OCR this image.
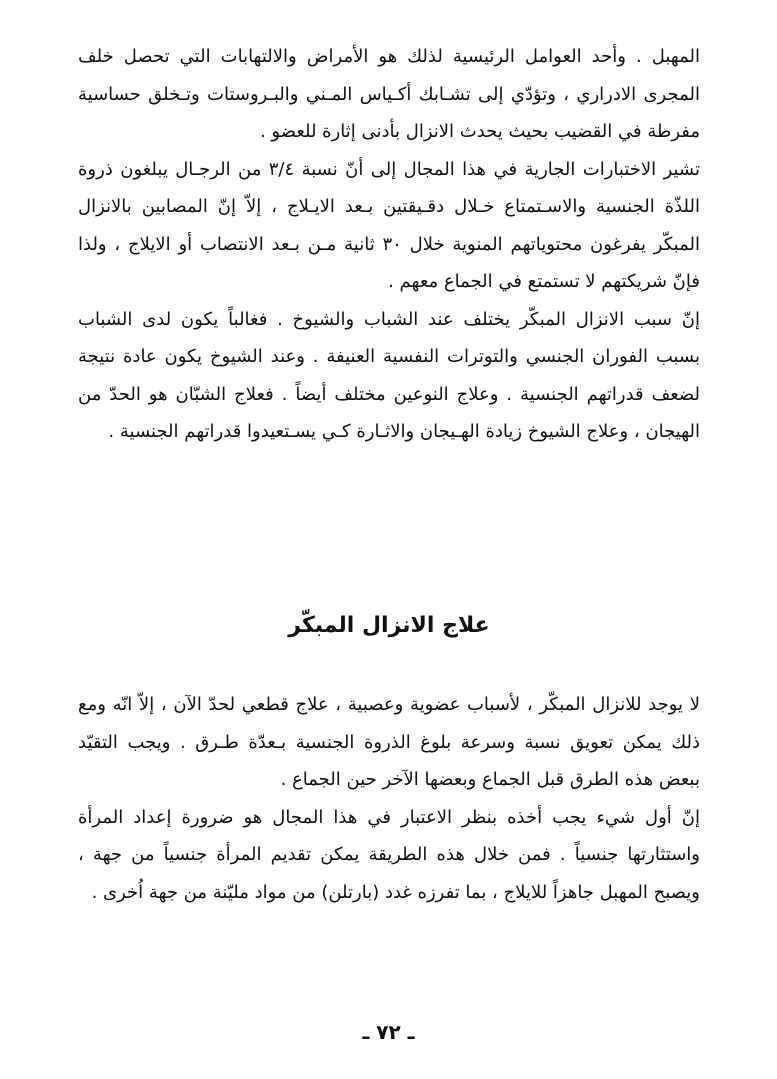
المهبل . وأحد العوامل الرئيسية لذلك هو الأمراض والالتهابات التي تحصل خلف المجرى الادراري ، وتؤدّي إلى تشـابك أكـياس المـني والبـروستات وتـخلق حساسية مفرطة في القضيب بحيث يحدث الانزال بأدنى إثارة للعضو .

تشير الاختبارات الجارية في هذا المجال إلى أنّ نسبة ٣/٤ من الرجـال يبلغون ذروة اللذّة الجنسية والاسـتمتاع خـلال دقـيقتين بـعد الايـلاج ، إلاّ إنّ المصابين بالانزال المبكّر يفرغون محتوياتهم المنوية خلال ٣٠ ثانية مـن بـعد الانتصاب أو الايلاج ، ولذا فإنّ شريكتهم لا تستمتع في الجماع معهم .

إنّ سبب الانزال المبكّر يختلف عند الشباب والشيوخ . فغالباً يكون لدى الشباب بسبب الفوران الجنسي والتوترات النفسية العنيفة . وعند الشيوخ يكون عادة نتيجة لضعف قدراتهم الجنسية . وعلاج النوعين مختلف أيضاً . فعلاج الشبّان هو الحدّ من الهيجان ، وعلاج الشيوخ زيادة الهـيجان والاثـارة كـي يسـتعيدوا قدراتهم الجنسية .

علاج الانزال المبكّر

لا يوجد للانزال المبكّر ، لأسباب عضوية وعصبية ، علاج قطعي لحدّ الآن ، إلاّ انّه ومع ذلك يمكن تعويق نسبة وسرعة بلوغ الذروة الجنسية بـعدّة طـرق . ويجب التقيّد ببعض هذه الطرق قبل الجماع وبعضها الآخر حين الجماع .

إنّ أول شيء يجب أخذه بنظر الاعتبار في هذا المجال هو ضرورة إعداد المرأة واستثارتها جنسياً . فمن خلال هذه الطريقة يمكن تقديم المرأة جنسياً من جهة ، ويصبح المهبل جاهزاً للايلاج ، بما تفرزه غدد (بارتلن) من مواد مليّنة من جهة اُخرى .

ـ ٧٢ ـ
